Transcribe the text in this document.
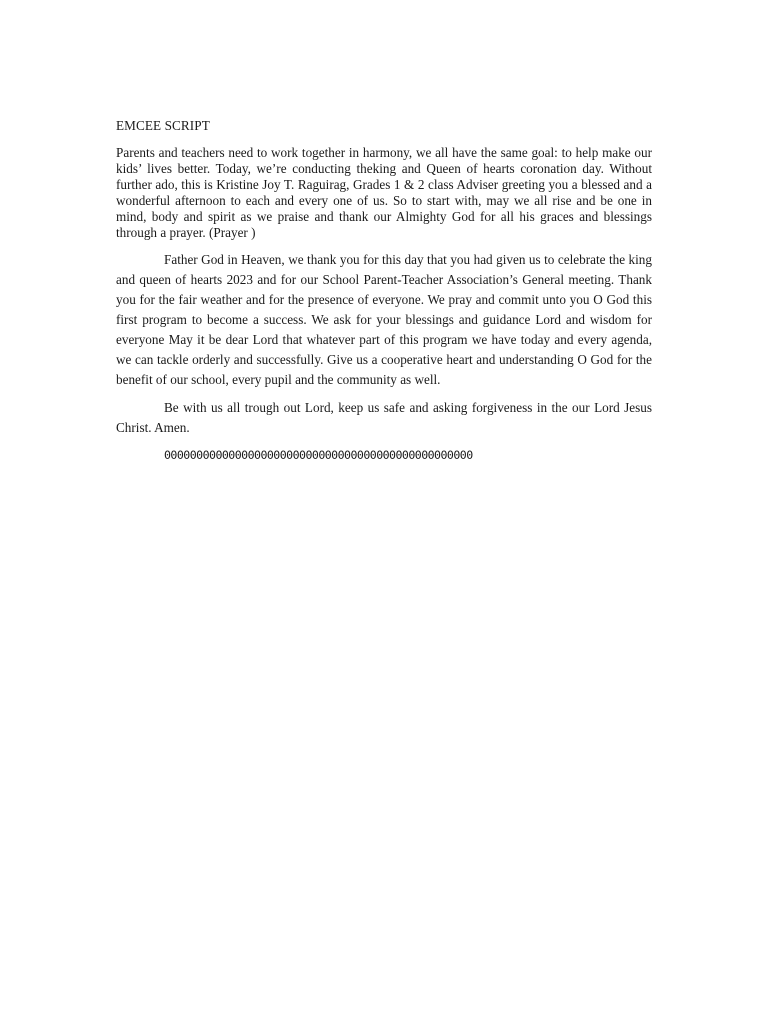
EMCEE SCRIPT

Parents and teachers need to work together in harmony, we all have the same goal: to help make our kids’ lives better. Today, we’re conducting theking and Queen of hearts coronation day. Without further ado, this is Kristine Joy T. Raguirag, Grades 1 & 2 class Adviser greeting you a blessed and a wonderful afternoon to each and every one of us. So to start with, may we all rise and be one in mind, body and spirit as we praise and thank our Almighty God for all his graces and blessings through a prayer. (Prayer )

Father God in Heaven, we thank you for this day that you had given us to celebrate the king and queen of hearts 2023 and for our School Parent-Teacher Association’s General meeting. Thank you for the fair weather and for the presence of everyone. We pray and commit unto you O God this first program to become a success. We ask for your blessings and guidance Lord and wisdom for everyone May it be dear Lord that whatever part of this program we have today and every agenda, we can tackle orderly and successfully. Give us a cooperative heart and understanding O God for the benefit of our school, every pupil and the community as well.

Be with us all trough out Lord, keep us safe and asking forgiveness in the our Lord Jesus Christ. Amen.

000000000000000000000000000000000000000000000000
